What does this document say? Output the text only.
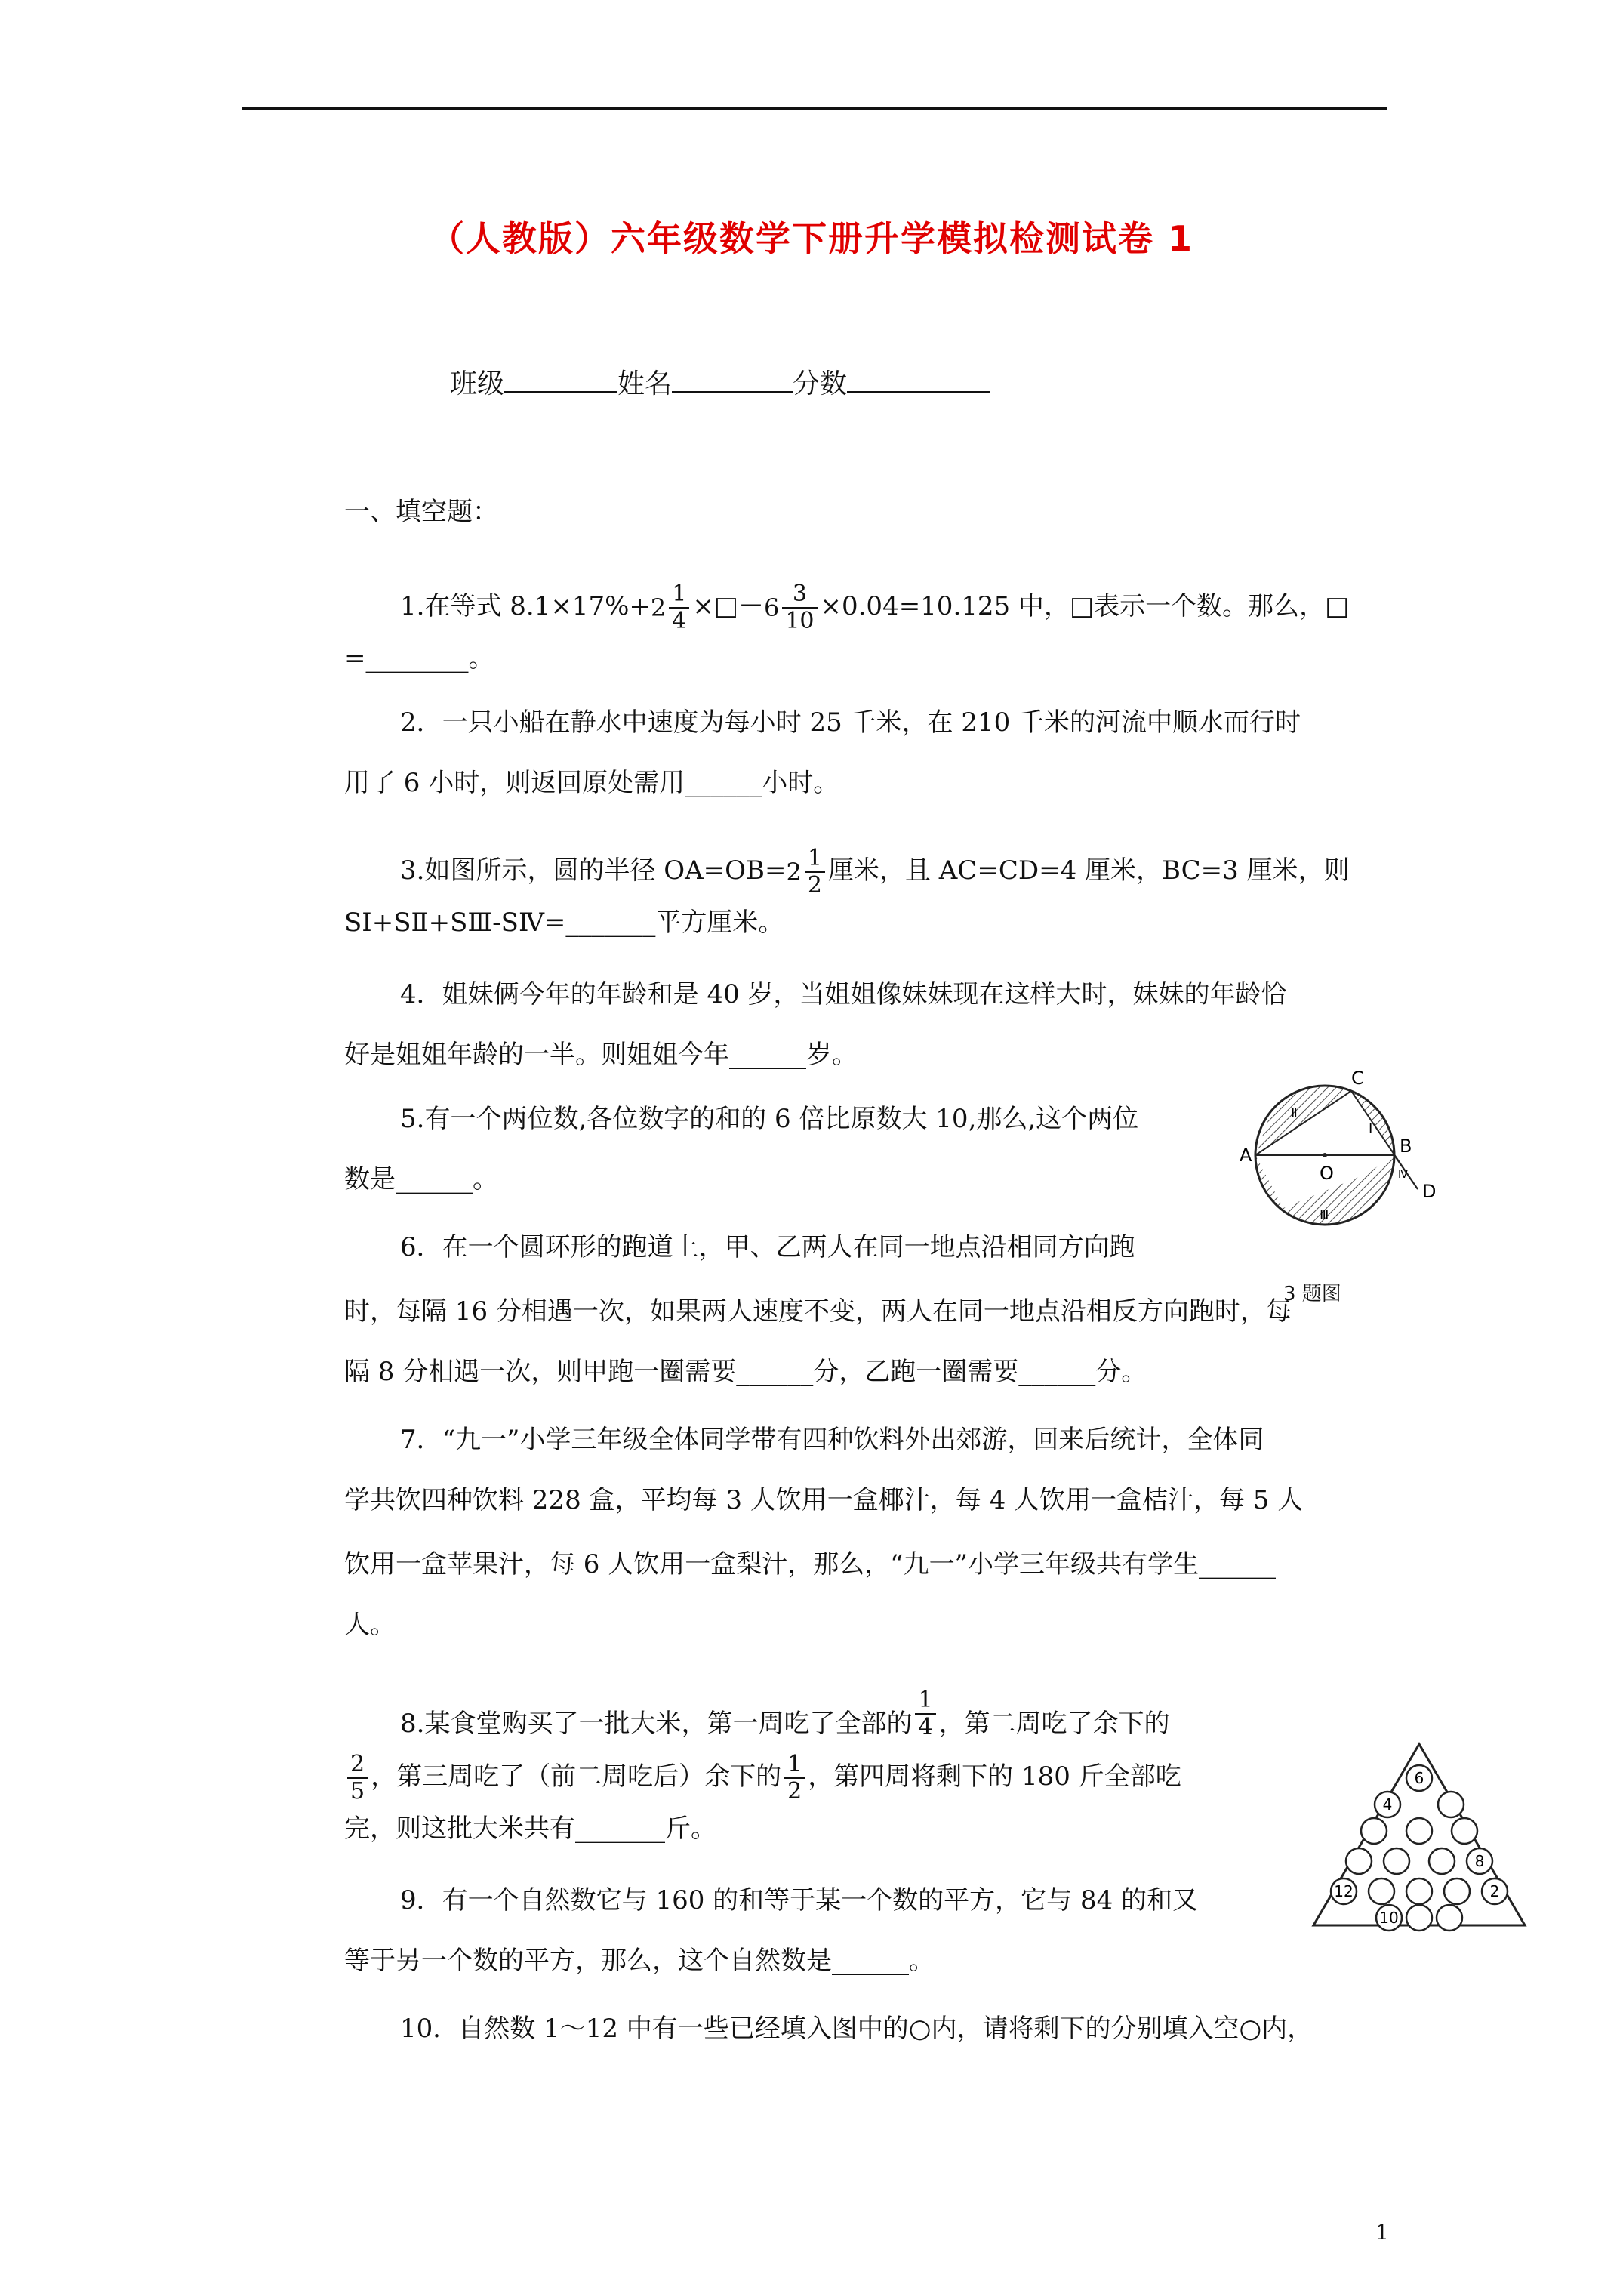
（人教版）六年级数学下册升学模拟检测试卷 1
班级	姓名	分数
一、填空题：
1.在等式 $8.1\times 17\%+2 \frac{1}{4}$ ×□－6 $\frac{3}{10} \times 0.04=10.125$ 中，□表示一个数。那么，□
=________。
2．一只小船在静水中速度为每小时 25 千米，在 210 千米的河流中顺水而行时
用了 6 小时，则返回原处需用______小时。
3.如图所示，圆的半径 $OA=OB=2 \frac{1}{2}$ 厘米，且 AC=CD=4 厘米，BC=3 厘米，则
SⅠ+SⅡ+SⅢ-SⅣ=_______平方厘米。
4．姐妹俩今年的年龄和是 40 岁，当姐姐像妹妹现在这样大时，妹妹的年龄恰
好是姐姐年龄的一半。则姐姐今年______岁。
5.有一个两位数,各位数字的和的 6 倍比原数大 10,那么,这个两位
数是______。
6．在一个圆环形的跑道上，甲、乙两人在同一地点沿相同方向跑
时，每隔 16 分相遇一次，如果两人速度不变，两人在同一地点沿相反方向跑时，每
隔 8 分相遇一次，则甲跑一圈需要______分，乙跑一圈需要______分。
7．“九一”小学三年级全体同学带有四种饮料外出郊游，回来后统计，全体同
学共饮四种饮料 228 盒，平均每 3 人饮用一盒椰汁，每 4 人饮用一盒桔汁，每 5 人
饮用一盒苹果汁，每 6 人饮用一盒梨汁，那么，“九一”小学三年级共有学生______
人。
8.某食堂购买了一批大米，第一周吃了全部的 $\frac{1}{4}$ ，第二周吃了余下的
$\frac{2}{5}$ ，第三周吃了（前二周吃后）余下的 $\frac{1}{2}$ ，第四周将剩下的 180 斤全部吃
完，则这批大米共有_______斤。
9．有一个自然数它与 160 的和等于某一个数的平方，它与 84 的和又
等于另一个数的平方，那么，这个自然数是______。
10．自然数 1～12 中有一些已经填入图中的○内，请将剩下的分别填入空○内，
C
A	B
D
O
Ⅰ
Ⅱ
Ⅲ
Ⅳ
3 题图
6
4
8
12	2
10
1
